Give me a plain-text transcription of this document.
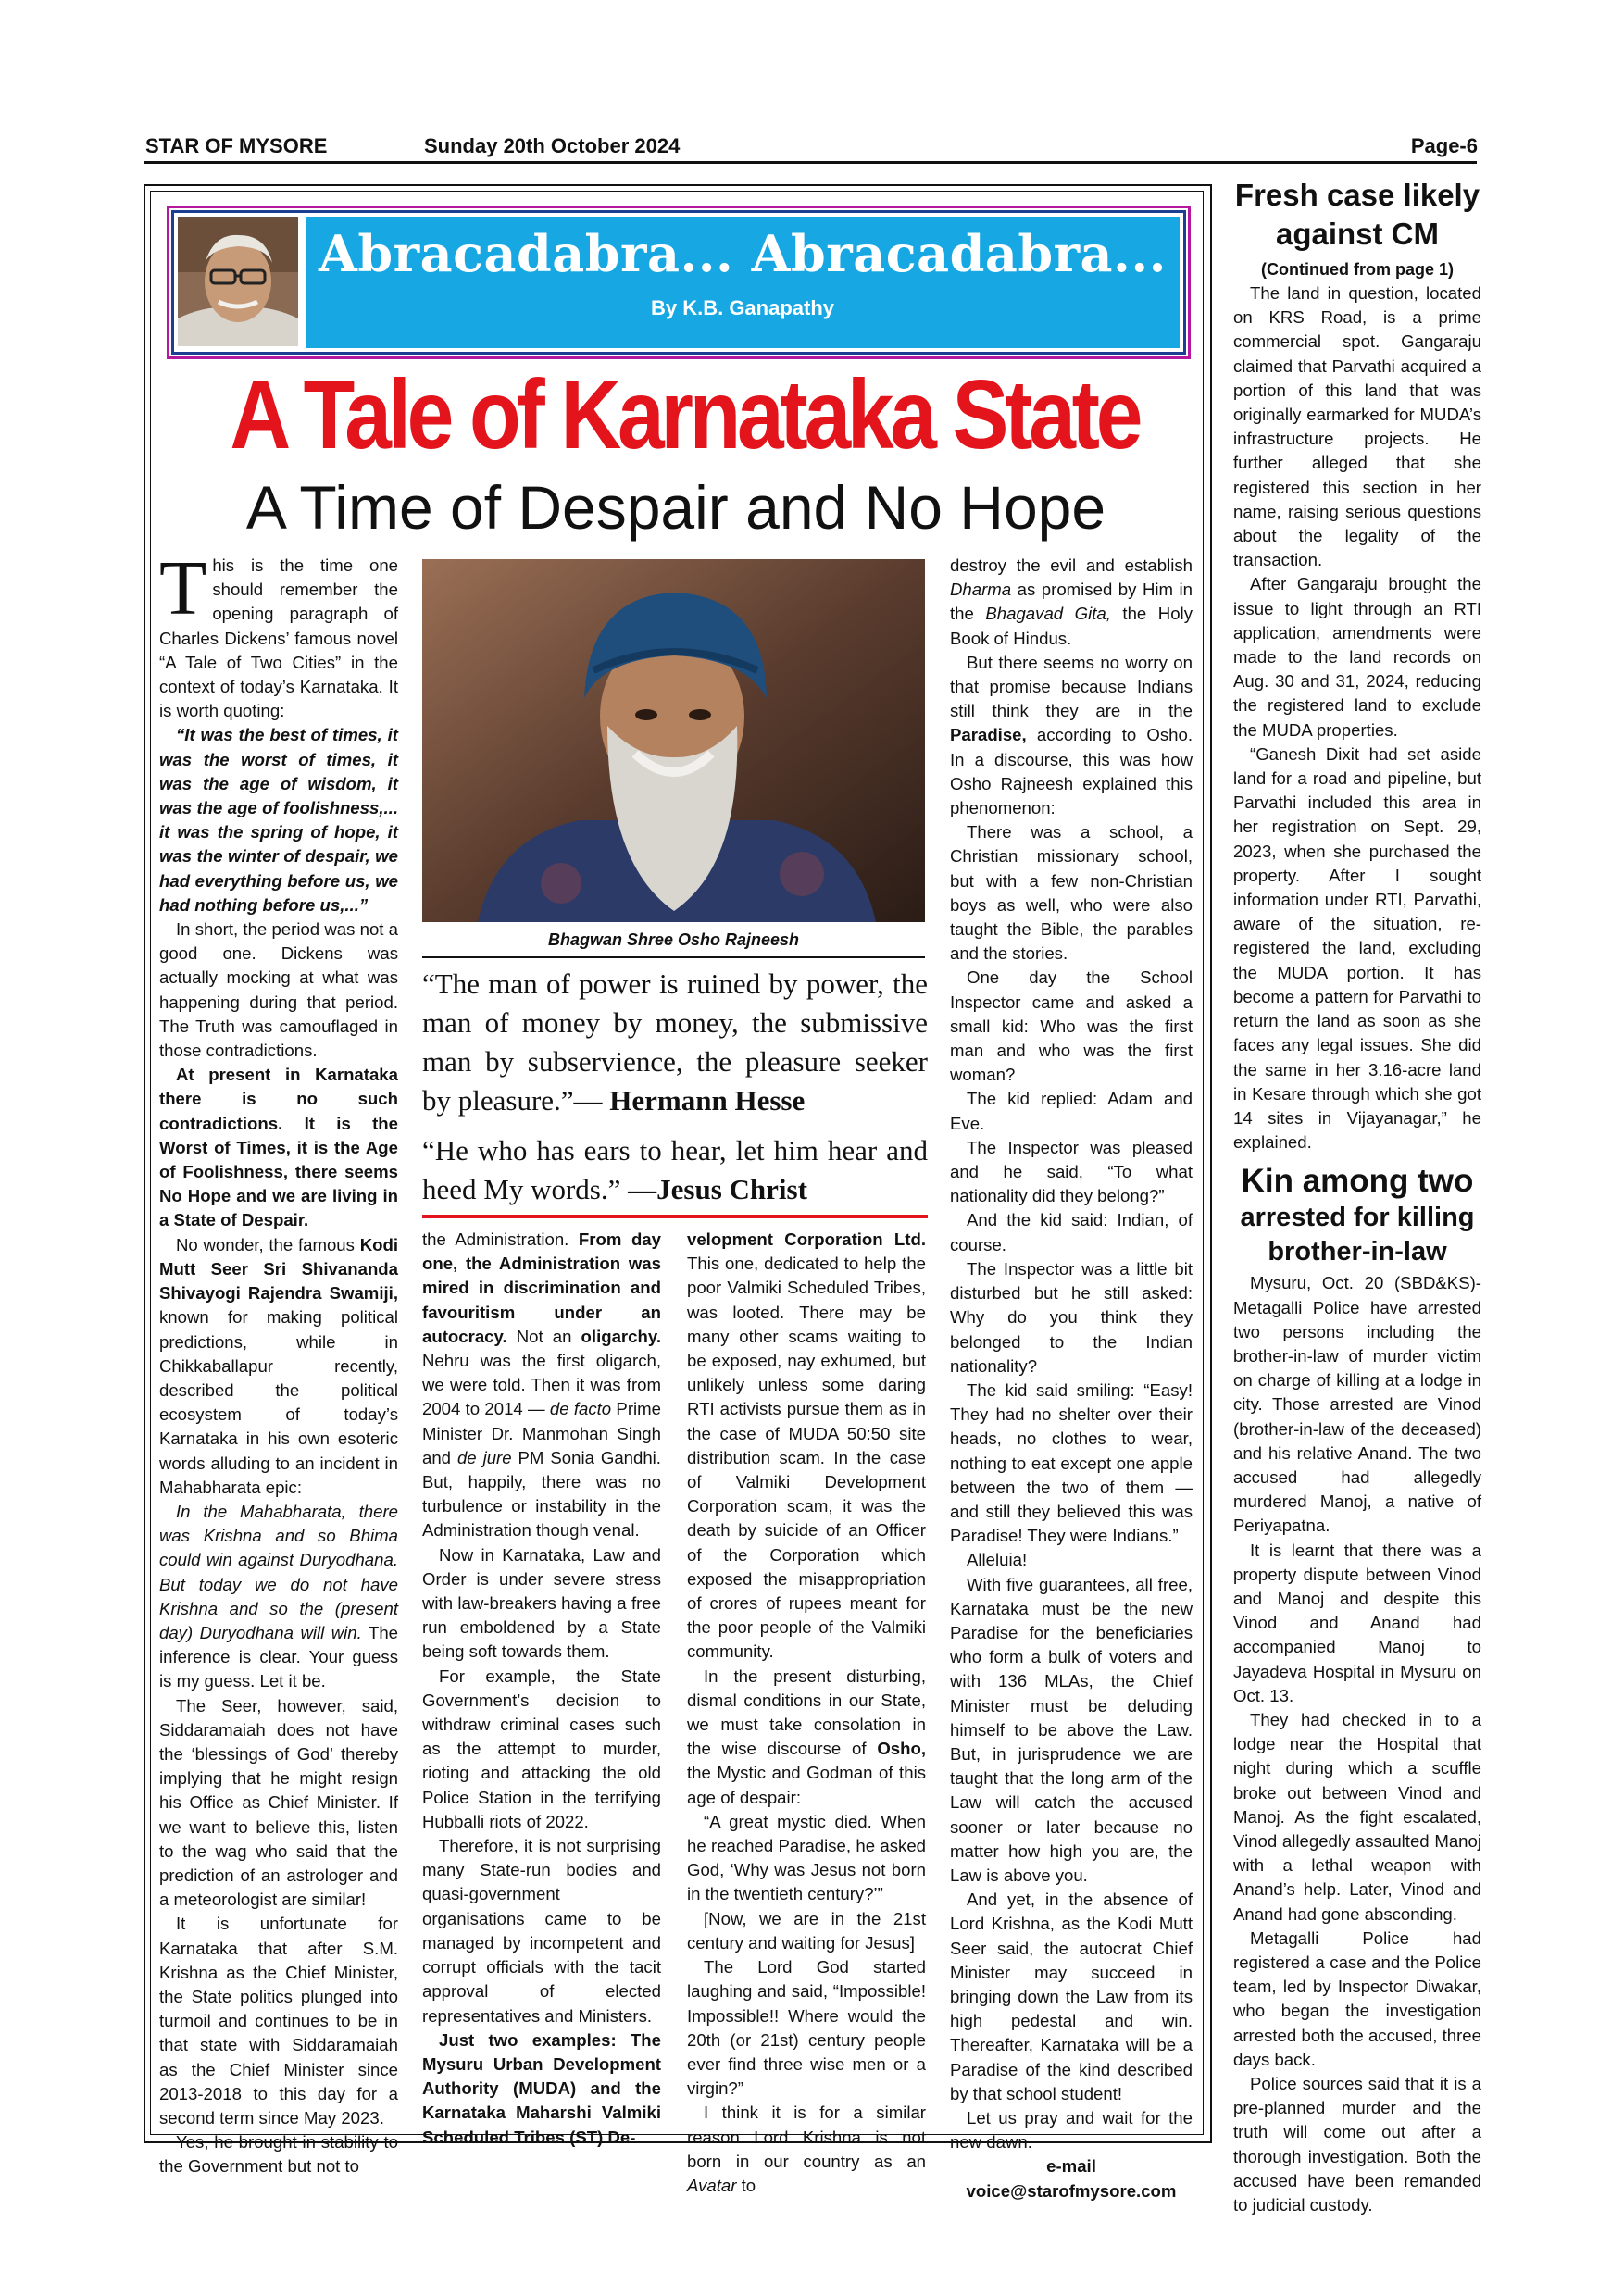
STAR OF MYSORE	Sunday 20th October 2024	Page-6
Abracadabra... Abracadabra...
By K.B. Ganapathy
A Tale of Karnataka State
A Time of Despair and No Hope

This is the time one should remember the opening paragraph of Charles Dickens’ famous novel “A Tale of Two Cities” in the context of today’s Karnataka. It is worth quoting:

“It was the best of times, it was the worst of times, it was the age of wisdom, it was the age of foolishness,... it was the spring of hope, it was the winter of despair, we had everything before us, we had nothing before us,...”

In short, the period was not a good one. Dickens was actually mocking at what was happening during that period. The Truth was camouflaged in those contradictions.

At present in Karnataka there is no such contradictions. It is the Worst of Times, it is the Age of Foolishness, there seems No Hope and we are living in a State of Despair.

No wonder, the famous Kodi Mutt Seer Sri Shivananda Shivayogi Rajendra Swamiji, known for making political predictions, while in Chikkaballapur recently, described the political ecosystem of today’s Karnataka in his own esoteric words alluding to an incident in Mahabharata epic:

In the Mahabharata, there was Krishna and so Bhima could win against Duryodhana. But today we do not have Krishna and so the (present day) Duryodhana will win. The inference is clear. Your guess is my guess. Let it be.

The Seer, however, said, Siddaramaiah does not have the ‘blessings of God’ thereby implying that he might resign his Office as Chief Minister. If we want to believe this, listen to the wag who said that the prediction of an astrologer and a meteorologist are similar!

It is unfortunate for Karnataka that after S.M. Krishna as the Chief Minister, the State politics plunged into turmoil and continues to be in that state with Siddaramaiah as the Chief Minister since 2013-2018 to this day for a second term since May 2023.

Yes, he brought in stability to the Government but not to

Bhagwan Shree Osho Rajneesh
“The man of power is ruined by power, the man of money by money, the submissive man by subservience, the pleasure seeker by pleasure.”— Hermann Hesse
“He who has ears to hear, let him hear and heed My words.” —Jesus Christ

the Administration. From day one, the Administration was mired in discrimination and favouritism under an autocracy. Not an oligarchy. Nehru was the first oligarch, we were told. Then it was from 2004 to 2014 — de facto Prime Minister Dr. Manmohan Singh and de jure PM Sonia Gandhi. But, happily, there was no turbulence or instability in the Administration though venal.

Now in Karnataka, Law and Order is under severe stress with law-breakers having a free run emboldened by a State being soft towards them.

For example, the State Government’s decision to withdraw criminal cases such as the attempt to murder, rioting and attacking the old Police Station in the terrifying Hubballi riots of 2022.

Therefore, it is not surprising many State-run bodies and quasi-government organisations came to be managed by incompetent and corrupt officials with the tacit approval of elected representatives and Ministers.

Just two examples: The Mysuru Urban Development Authority (MUDA) and the Karnataka Maharshi Valmiki Scheduled Tribes (ST) De-

velopment Corporation Ltd. This one, dedicated to help the poor Valmiki Scheduled Tribes, was looted. There may be many other scams waiting to be exposed, nay exhumed, but unlikely unless some daring RTI activists pursue them as in the case of MUDA 50:50 site distribution scam. In the case of Valmiki Development Corporation scam, it was the death by suicide of an Officer of the Corporation which exposed the misappropriation of crores of rupees meant for the poor people of the Valmiki community.

In the present disturbing, dismal conditions in our State, we must take consolation in the wise discourse of Osho, the Mystic and Godman of this age of despair:

“A great mystic died. When he reached Paradise, he asked God, ‘Why was Jesus not born in the twentieth century?’”

[Now, we are in the 21st century and waiting for Jesus]

The Lord God started laughing and said, “Impossible! Impossible!! Where would the 20th (or 21st) century people ever find three wise men or a virgin?”

I think it is for a similar reason Lord Krishna is not born in our country as an Avatar to

destroy the evil and establish Dharma as promised by Him in the Bhagavad Gita, the Holy Book of Hindus.

But there seems no worry on that promise because Indians still think they are in the Paradise, according to Osho. In a discourse, this was how Osho Rajneesh explained this phenomenon:

There was a school, a Christian missionary school, but with a few non-Christian boys as well, who were also taught the Bible, the parables and the stories.

One day the School Inspector came and asked a small kid: Who was the first man and who was the first woman?

The kid replied: Adam and Eve.

The Inspector was pleased and he said, “To what nationality did they belong?”

And the kid said: Indian, of course.

The Inspector was a little bit disturbed but he still asked: Why do you think they belonged to the Indian nationality?

The kid said smiling: “Easy! They had no shelter over their heads, no clothes to wear, nothing to eat except one apple between the two of them — and still they believed this was Paradise! They were Indians.”

Alleluia!

With five guarantees, all free, Karnataka must be the new Paradise for the beneficiaries who form a bulk of voters and with 136 MLAs, the Chief Minister must be deluding himself to be above the Law. But, in jurisprudence we are taught that the long arm of the Law will catch the accused sooner or later because no matter how high you are, the Law is above you.

And yet, in the absence of Lord Krishna, as the Kodi Mutt Seer said, the autocrat Chief Minister may succeed in bringing down the Law from its high pedestal and win. Thereafter, Karnataka will be a Paradise of the kind described by that school student!

Let us pray and wait for the new dawn.

e-mail

voice@starofmysore.com

Fresh case likely against CM
(Continued from page 1)

The land in question, located on KRS Road, is a prime commercial spot. Gangaraju claimed that Parvathi acquired a portion of this land that was originally earmarked for MUDA’s infrastructure projects. He further alleged that she registered this section in her name, raising serious questions about the legality of the transaction.

After Gangaraju brought the issue to light through an RTI application, amendments were made to the land records on Aug. 30 and 31, 2024, reducing the registered land to exclude the MUDA properties.

“Ganesh Dixit had set aside land for a road and pipeline, but Parvathi included this area in her registration on Sept. 29, 2023, when she purchased the property. After I sought information under RTI, Parvathi, aware of the situation, re-registered the land, excluding the MUDA portion. It has become a pattern for Parvathi to return the land as soon as she faces any legal issues. She did the same in her 3.16-acre land in Kesare through which she got 14 sites in Vijayanagar,” he explained.

Kin among two
arrested for killing brother-in-law

Mysuru, Oct. 20 (SBD&KS)- Metagalli Police have arrested two persons including the brother-in-law of murder victim on charge of killing at a lodge in city. Those arrested are Vinod (brother-in-law of the deceased) and his relative Anand. The two accused had allegedly murdered Manoj, a native of Periyapatna.

It is learnt that there was a property dispute between Vinod and Manoj and despite this Vinod and Anand had accompanied Manoj to Jayadeva Hospital in Mysuru on Oct. 13.

They had checked in to a lodge near the Hospital that night during which a scuffle broke out between Vinod and Manoj. As the fight escalated, Vinod allegedly assaulted Manoj with a lethal weapon with Anand’s help. Later, Vinod and Anand had gone absconding.

Metagalli Police had registered a case and the Police team, led by Inspector Diwakar, who began the investigation arrested both the accused, three days back.

Police sources said that it is a pre-planned murder and the truth will come out after a thorough investigation. Both the accused have been remanded to judicial custody.
